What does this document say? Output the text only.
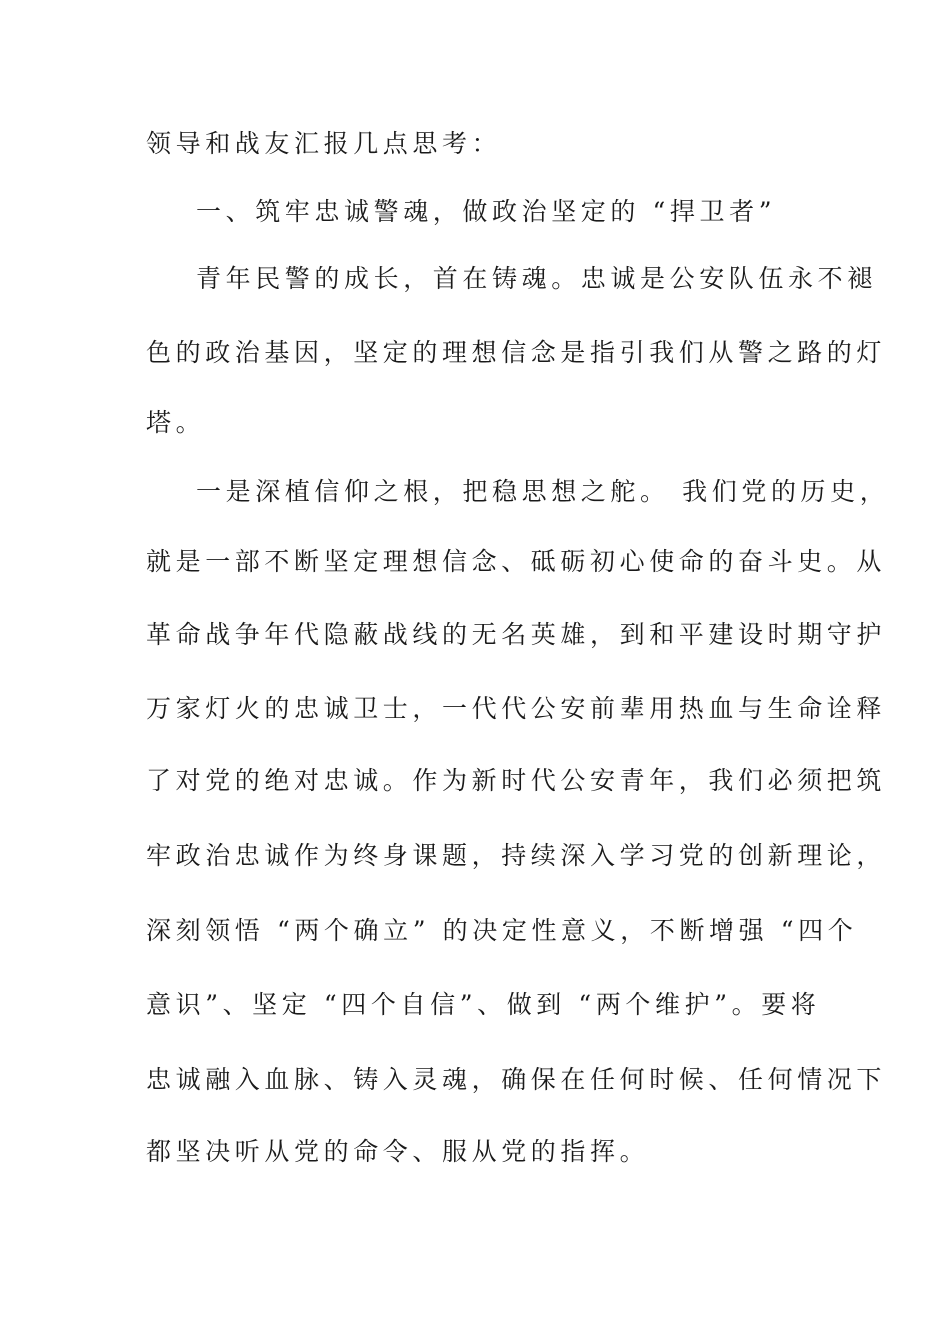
领导和战友汇报几点思考：
一、筑牢忠诚警魂，做政治坚定的 “捍卫者”
青年民警的成长，首在铸魂。忠诚是公安队伍永不褪
色的政治基因，坚定的理想信念是指引我们从警之路的灯
塔。
一是深植信仰之根，把稳思想之舵。 我们党的历史，
就是一部不断坚定理想信念、砥砺初心使命的奋斗史。从
革命战争年代隐蔽战线的无名英雄，到和平建设时期守护
万家灯火的忠诚卫士，一代代公安前辈用热血与生命诠释
了对党的绝对忠诚。作为新时代公安青年，我们必须把筑
牢政治忠诚作为终身课题，持续深入学习党的创新理论，
深刻领悟 “两个确立” 的决定性意义，不断增强 “四个
意识”、坚定 “四个自信”、做到 “两个维护”。要将
忠诚融入血脉、铸入灵魂，确保在任何时候、任何情况下
都坚决听从党的命令、服从党的指挥。
